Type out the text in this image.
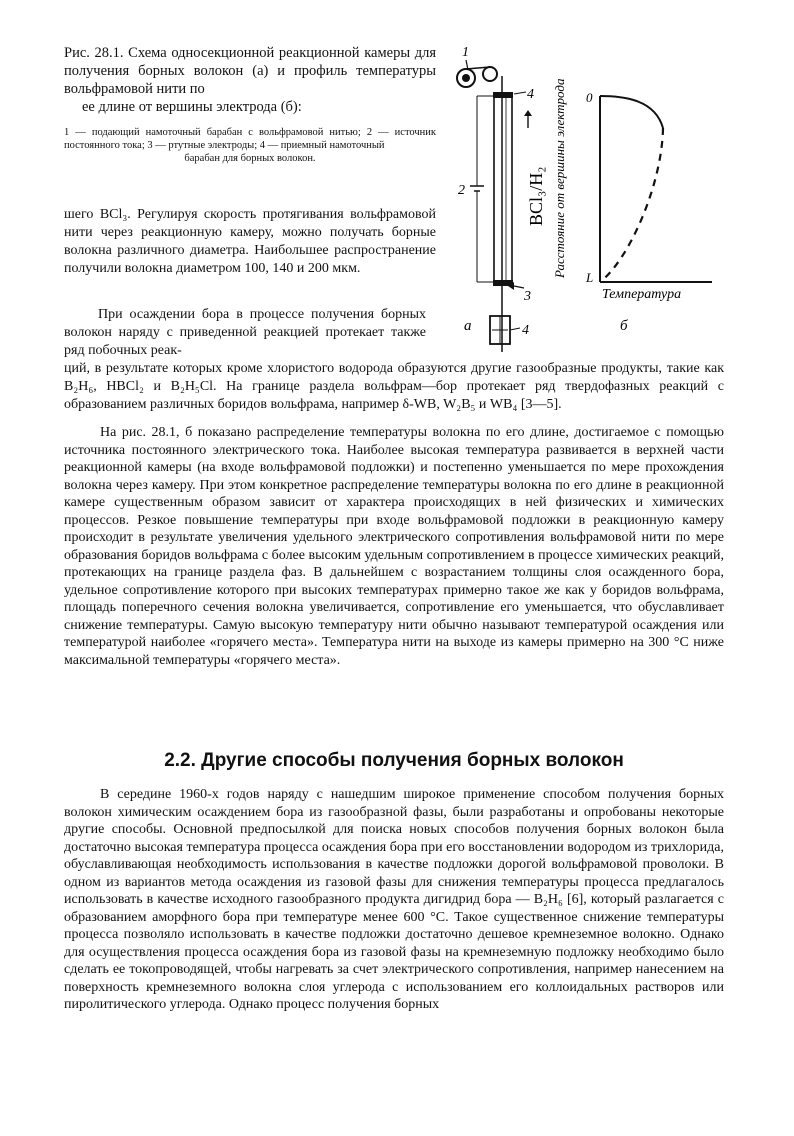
Рис. 28.1. Схема односекционной реакционной камеры для получения борных волокон (а) и профиль температуры вольфрамовой нити по

ее длине от вершины электрода (б):

1 — подающий намоточный барабан с вольфрамовой нитью; 2 — источник постоянного тока; 3 — ртутные электроды; 4 — приемный намоточный

барабан для борных волокон.

1
4
2	BCl₃/H₂
3
4
а	б
0
L
Расстояние от вершины электрода
Температура

шего BCl₃. Регулируя скорость протягивания вольфрамовой нити через реакционную камеру, можно получать борные волокна различного диаметра. Наибольшее распространение получили волокна диаметром 100, 140 и 200 мкм.

При осаждении бора в процессе получения борных волокон наряду с приведенной реакцией протекает также ряд побочных реак-
ций, в результате которых кроме хлористого водорода образуются другие газообразные продукты, такие как B₂H₆, HBCl₂ и B₂H₅Cl. На границе раздела вольфрам—бор протекает ряд твердофазных реакций с образованием различных боридов вольфрама, например δ-WB, W₂B₅ и WB₄ [3—5].
На рис. 28.1, б показано распределение температуры волокна по его длине, достигаемое с помощью источника постоянного электрического тока. Наиболее высокая температура развивается в верхней части реакционной камеры (на входе вольфрамовой подложки) и постепенно уменьшается по мере прохождения волокна через камеру. При этом конкретное распределение температуры волокна по его длине в реакционной камере существенным образом зависит от характера происходящих в ней физических и химических процессов. Резкое повышение температуры при входе вольфрамовой подложки в реакционную камеру происходит в результате увеличения удельного электрического сопротивления вольфрамовой нити по мере образования боридов вольфрама с более высоким удельным сопротивлением в процессе химических реакций, протекающих на границе раздела фаз. В дальнейшем с возрастанием толщины слоя осажденного бора, удельное сопротивление которого при высоких температурах примерно такое же как у боридов вольфрама, площадь поперечного сечения волокна увеличивается, сопротивление его уменьшается, что обуславливает снижение температуры. Самую высокую температуру нити обычно называют температурой осаждения или температурой наиболее «горячего места». Температура нити на выходе из камеры примерно на 300 °С ниже максимальной температуры «горячего места».
2.2. Другие способы получения борных волокон
В середине 1960-х годов наряду с нашедшим широкое применение способом получения борных волокон химическим осаждением бора из газообразной фазы, были разработаны и опробованы некоторые другие способы. Основной предпосылкой для поиска новых способов получения борных волокон была достаточно высокая температура процесса осаждения бора при его восстановлении водородом из трихлорида, обуславливающая необходимость использования в качестве подложки дорогой вольфрамовой проволоки. В одном из вариантов метода осаждения из газовой фазы для снижения температуры процесса предлагалось использовать в качестве исходного газообразного продукта дигидрид бора — B₂H₆ [6], который разлагается с образованием аморфного бора при температуре менее 600 °С. Такое существенное снижение температуры процесса позволяло использовать в качестве подложки достаточно дешевое кремнеземное волокно. Однако для осуществления процесса осаждения бора из газовой фазы на кремнеземную подложку необходимо было сделать ее токопроводящей, чтобы нагревать за счет электрического сопротивления, например нанесением на поверхность кремнеземного волокна слоя углерода с использованием его коллоидальных растворов или пиролитического углерода. Однако процесс получения борных
